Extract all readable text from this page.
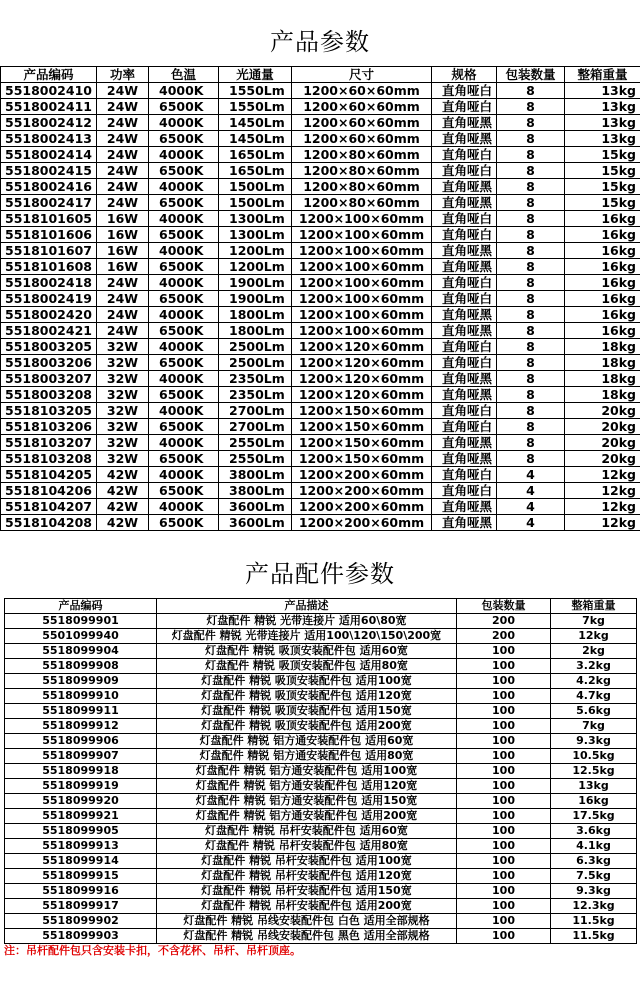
产品参数
产品编码	功率	色温	光通量	尺寸	规格	包装数量	整箱重量
5518002410	24W	4000K	1550Lm	1200×60×60mm	直角哑白	8	13kg
5518002411	24W	6500K	1550Lm	1200×60×60mm	直角哑白	8	13kg
5518002412	24W	4000K	1450Lm	1200×60×60mm	直角哑黑	8	13kg
5518002413	24W	6500K	1450Lm	1200×60×60mm	直角哑黑	8	13kg
5518002414	24W	4000K	1650Lm	1200×80×60mm	直角哑白	8	15kg
5518002415	24W	6500K	1650Lm	1200×80×60mm	直角哑白	8	15kg
5518002416	24W	4000K	1500Lm	1200×80×60mm	直角哑黑	8	15kg
5518002417	24W	6500K	1500Lm	1200×80×60mm	直角哑黑	8	15kg
5518101605	16W	4000K	1300Lm	1200×100×60mm	直角哑白	8	16kg
5518101606	16W	6500K	1300Lm	1200×100×60mm	直角哑白	8	16kg
5518101607	16W	4000K	1200Lm	1200×100×60mm	直角哑黑	8	16kg
5518101608	16W	6500K	1200Lm	1200×100×60mm	直角哑黑	8	16kg
5518002418	24W	4000K	1900Lm	1200×100×60mm	直角哑白	8	16kg
5518002419	24W	6500K	1900Lm	1200×100×60mm	直角哑白	8	16kg
5518002420	24W	4000K	1800Lm	1200×100×60mm	直角哑黑	8	16kg
5518002421	24W	6500K	1800Lm	1200×100×60mm	直角哑黑	8	16kg
5518003205	32W	4000K	2500Lm	1200×120×60mm	直角哑白	8	18kg
5518003206	32W	6500K	2500Lm	1200×120×60mm	直角哑白	8	18kg
5518003207	32W	4000K	2350Lm	1200×120×60mm	直角哑黑	8	18kg
5518003208	32W	6500K	2350Lm	1200×120×60mm	直角哑黑	8	18kg
5518103205	32W	4000K	2700Lm	1200×150×60mm	直角哑白	8	20kg
5518103206	32W	6500K	2700Lm	1200×150×60mm	直角哑白	8	20kg
5518103207	32W	4000K	2550Lm	1200×150×60mm	直角哑黑	8	20kg
5518103208	32W	6500K	2550Lm	1200×150×60mm	直角哑黑	8	20kg
5518104205	42W	4000K	3800Lm	1200×200×60mm	直角哑白	4	12kg
5518104206	42W	6500K	3800Lm	1200×200×60mm	直角哑白	4	12kg
5518104207	42W	4000K	3600Lm	1200×200×60mm	直角哑黑	4	12kg
5518104208	42W	6500K	3600Lm	1200×200×60mm	直角哑黑	4	12kg
产品配件参数
产品编码	产品描述	包装数量	整箱重量
5518099901	灯盘配件 精锐 光带连接片 适用60\80宽	200	7kg
5501099940	灯盘配件 精锐 光带连接片 适用100\120\150\200宽	200	12kg
5518099904	灯盘配件 精锐 吸顶安装配件包 适用60宽	100	2kg
5518099908	灯盘配件 精锐 吸顶安装配件包 适用80宽	100	3.2kg
5518099909	灯盘配件 精锐 吸顶安装配件包 适用100宽	100	4.2kg
5518099910	灯盘配件 精锐 吸顶安装配件包 适用120宽	100	4.7kg
5518099911	灯盘配件 精锐 吸顶安装配件包 适用150宽	100	5.6kg
5518099912	灯盘配件 精锐 吸顶安装配件包 适用200宽	100	7kg
5518099906	灯盘配件 精锐 铝方通安装配件包 适用60宽	100	9.3kg
5518099907	灯盘配件 精锐 铝方通安装配件包 适用80宽	100	10.5kg
5518099918	灯盘配件 精锐 铝方通安装配件包 适用100宽	100	12.5kg
5518099919	灯盘配件 精锐 铝方通安装配件包 适用120宽	100	13kg
5518099920	灯盘配件 精锐 铝方通安装配件包 适用150宽	100	16kg
5518099921	灯盘配件 精锐 铝方通安装配件包 适用200宽	100	17.5kg
5518099905	灯盘配件 精锐 吊杆安装配件包 适用60宽	100	3.6kg
5518099913	灯盘配件 精锐 吊杆安装配件包 适用80宽	100	4.1kg
5518099914	灯盘配件 精锐 吊杆安装配件包 适用100宽	100	6.3kg
5518099915	灯盘配件 精锐 吊杆安装配件包 适用120宽	100	7.5kg
5518099916	灯盘配件 精锐 吊杆安装配件包 适用150宽	100	9.3kg
5518099917	灯盘配件 精锐 吊杆安装配件包 适用200宽	100	12.3kg
5518099902	灯盘配件 精锐 吊线安装配件包 白色 适用全部规格	100	11.5kg
5518099903	灯盘配件 精锐 吊线安装配件包 黑色 适用全部规格	100	11.5kg
注：吊杆配件包只含安装卡扣，不含花杯、吊杆、吊杆顶座。
